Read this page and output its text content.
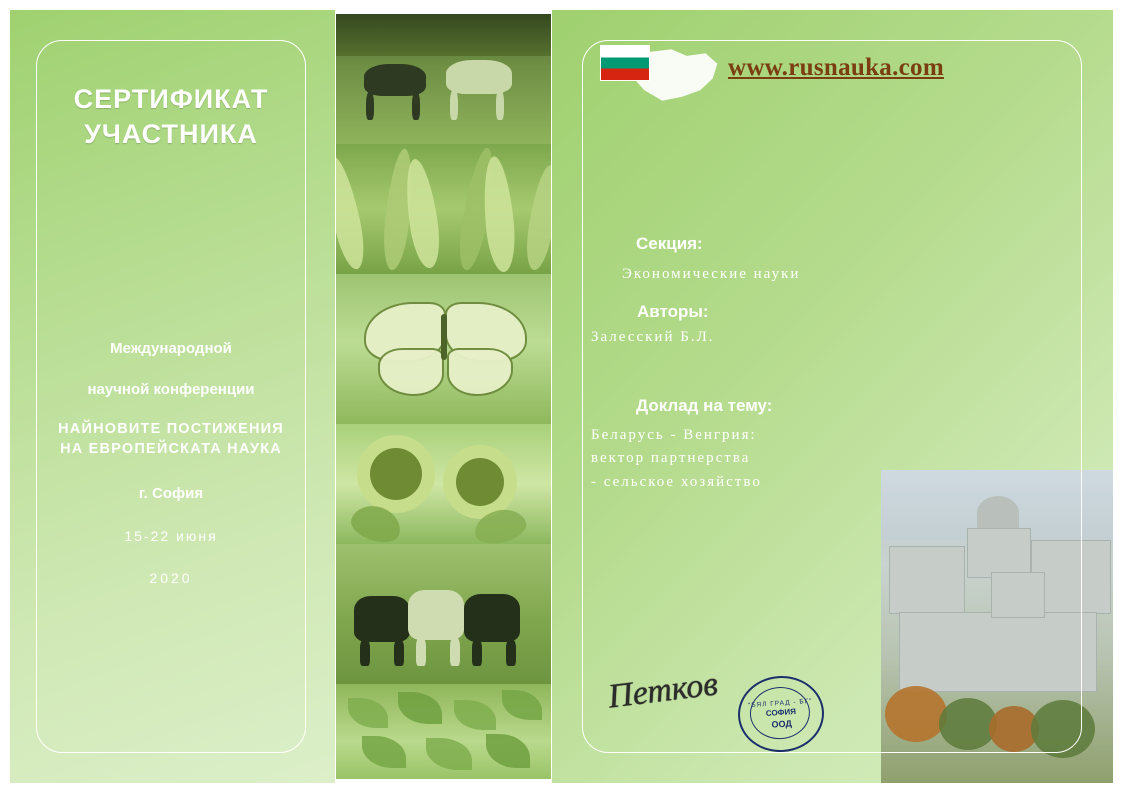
СЕРТИФИКАТ
УЧАСТНИКА
Международной
научной конференции
НАЙНОВИТЕ ПОСТИЖЕНИЯ
НА ЕВРОПЕЙСКАТА НАУКА
г. София
15-22 июня
2020
www.rusnauka.com
Секция:
Экономические науки
Авторы:
Залесский Б.Л.
Доклад на тему:
Беларусь - Венгрия:
вектор партнерства
- сельское хозяйство
Петков	"БЯЛ ГРАД - БГ"
СОФИЯ
ООД
